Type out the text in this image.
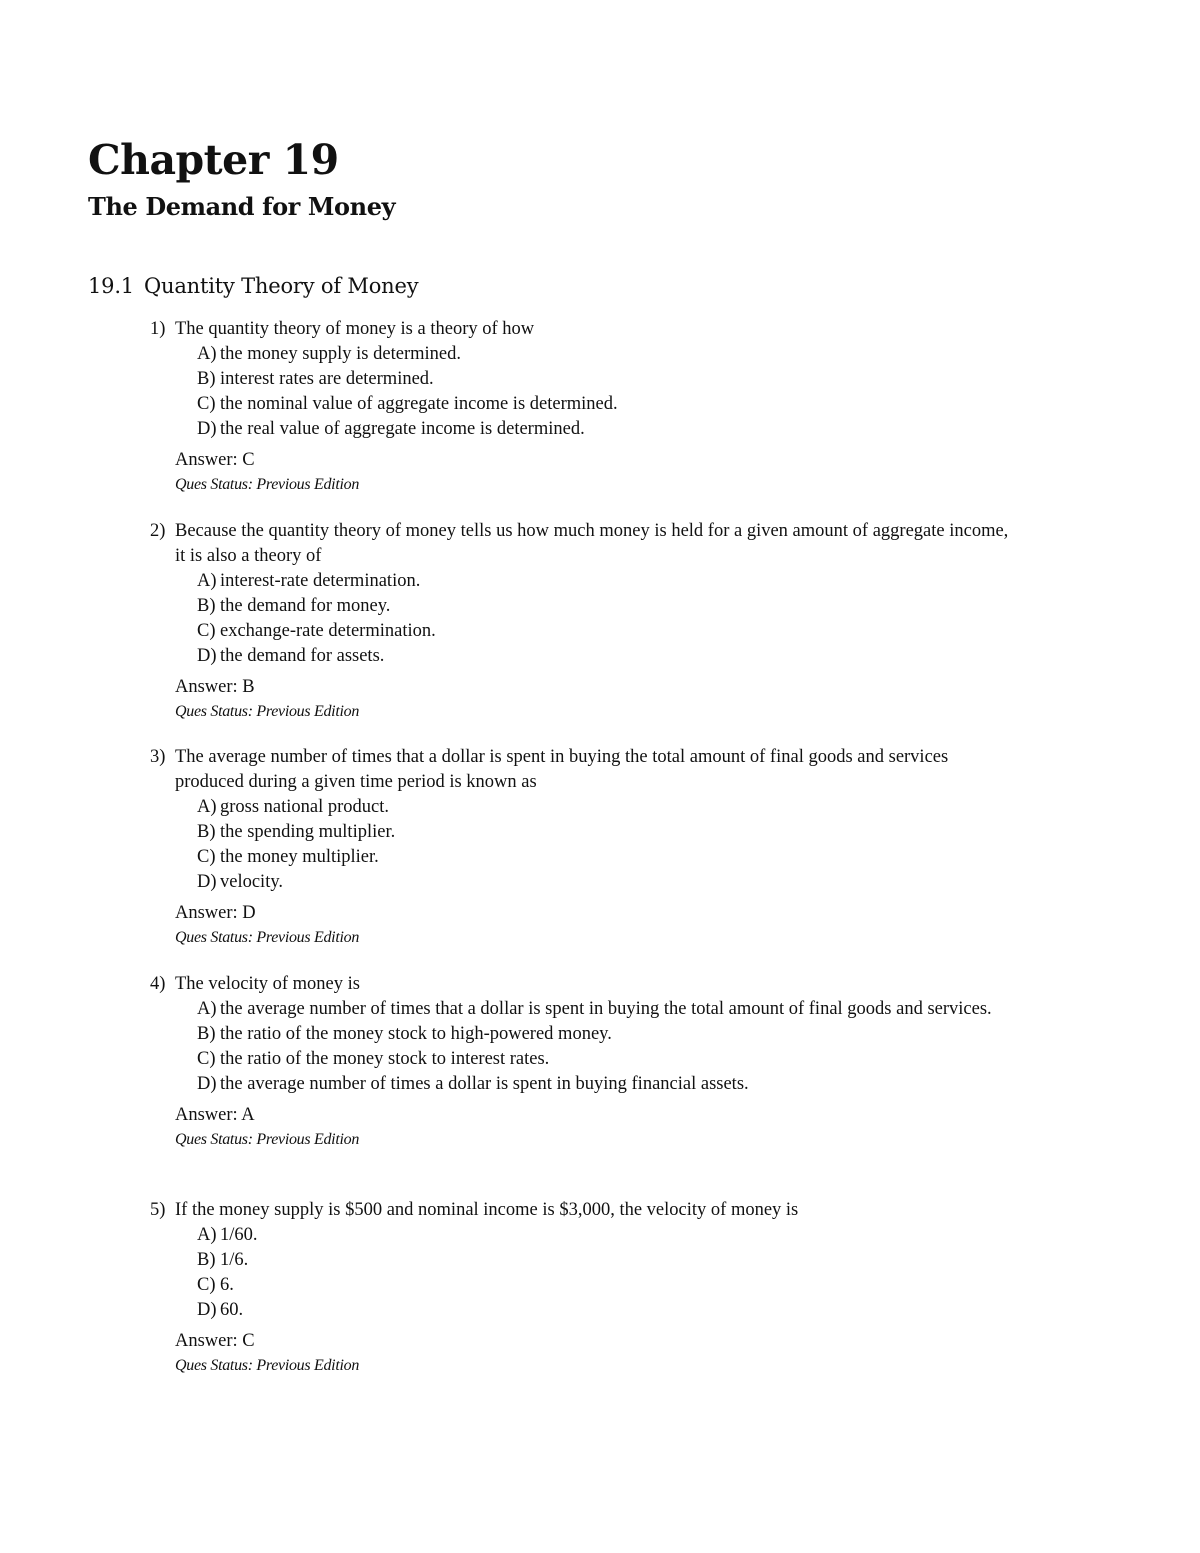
Chapter 19
The Demand for Money
19.1 Quantity Theory of Money
1) The quantity theory of money is a theory of how
A) the money supply is determined.
B) interest rates are determined.
C) the nominal value of aggregate income is determined.
D) the real value of aggregate income is determined.
Answer: C
Ques Status: Previous Edition
2) Because the quantity theory of money tells us how much money is held for a given amount of aggregate income, it is also a theory of
A) interest-rate determination.
B) the demand for money.
C) exchange-rate determination.
D) the demand for assets.
Answer: B
Ques Status: Previous Edition
3) The average number of times that a dollar is spent in buying the total amount of final goods and services produced during a given time period is known as
A) gross national product.
B) the spending multiplier.
C) the money multiplier.
D) velocity.
Answer: D
Ques Status: Previous Edition
4) The velocity of money is
A) the average number of times that a dollar is spent in buying the total amount of final goods and services.
B) the ratio of the money stock to high-powered money.
C) the ratio of the money stock to interest rates.
D) the average number of times a dollar is spent in buying financial assets.
Answer: A
Ques Status: Previous Edition
5) If the money supply is $500 and nominal income is $3,000, the velocity of money is
A) 1/60.
B) 1/6.
C) 6.
D) 60.
Answer: C
Ques Status: Previous Edition
